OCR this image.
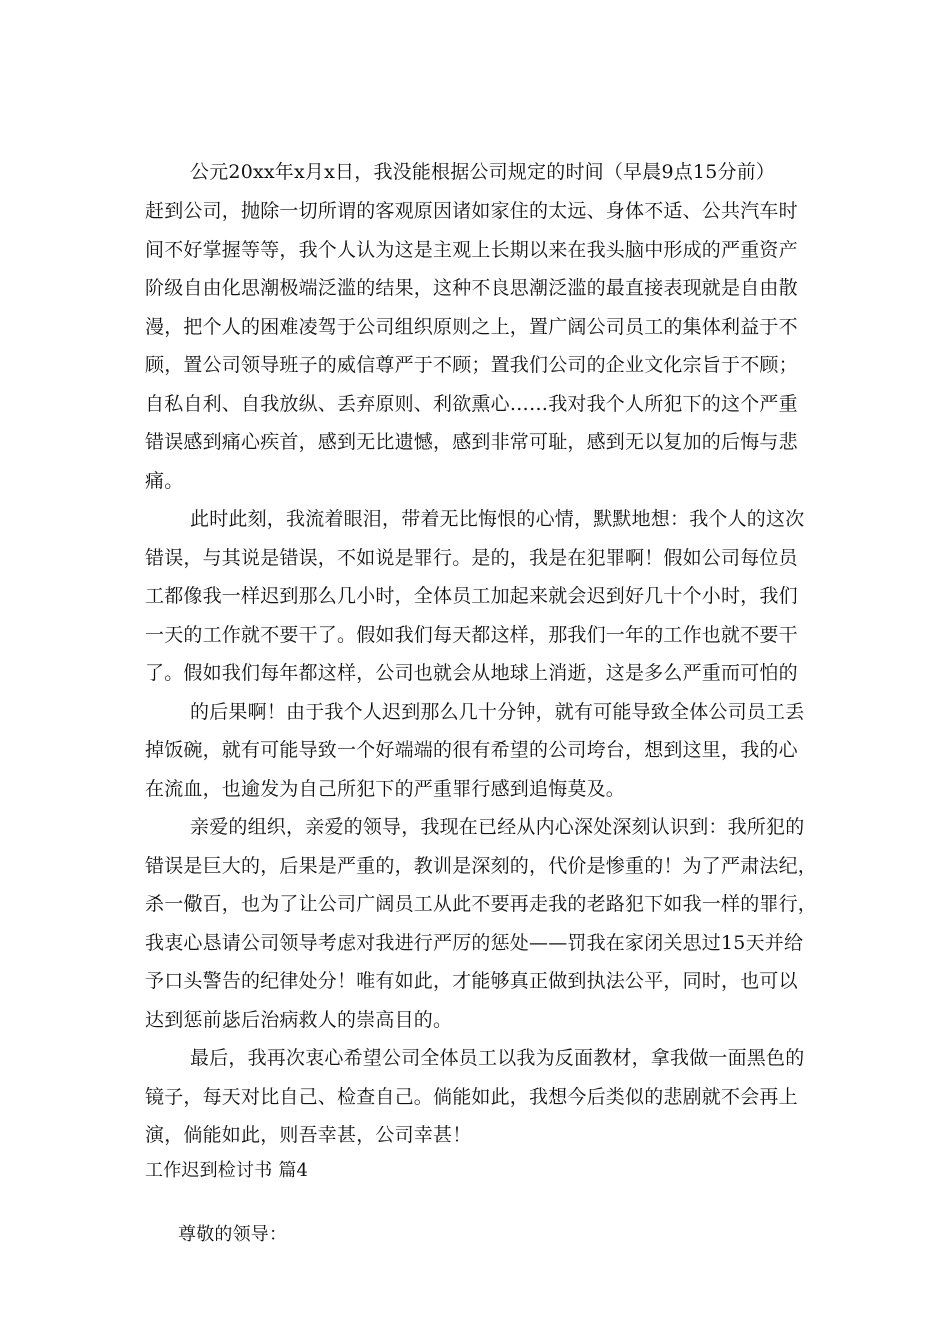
公元20xx年x月x日，我没能根据公司规定的时间（早晨9点15分前）
赶到公司，抛除一切所谓的客观原因诸如家住的太远、身体不适、公共汽车时
间不好掌握等等，我个人认为这是主观上长期以来在我头脑中形成的严重资产
阶级自由化思潮极端泛滥的结果，这种不良思潮泛滥的最直接表现就是自由散
漫，把个人的困难凌驾于公司组织原则之上，置广阔公司员工的集体利益于不
顾，置公司领导班子的威信尊严于不顾；置我们公司的企业文化宗旨于不顾；
自私自利、自我放纵、丢弃原则、利欲熏心……我对我个人所犯下的这个严重
错误感到痛心疾首，感到无比遗憾，感到非常可耻，感到无以复加的后悔与悲
痛。
此时此刻，我流着眼泪，带着无比悔恨的心情，默默地想：我个人的这次
错误，与其说是错误，不如说是罪行。是的，我是在犯罪啊！假如公司每位员
工都像我一样迟到那么几小时，全体员工加起来就会迟到好几十个小时，我们
一天的工作就不要干了。假如我们每天都这样，那我们一年的工作也就不要干
了。假如我们每年都这样，公司也就会从地球上消逝，这是多么严重而可怕的
的后果啊！由于我个人迟到那么几十分钟，就有可能导致全体公司员工丢
掉饭碗，就有可能导致一个好端端的很有希望的公司垮台，想到这里，我的心
在流血，也逾发为自己所犯下的严重罪行感到追悔莫及。
亲爱的组织，亲爱的领导，我现在已经从内心深处深刻认识到：我所犯的
错误是巨大的，后果是严重的，教训是深刻的，代价是惨重的！为了严肃法纪，
杀一儆百，也为了让公司广阔员工从此不要再走我的老路犯下如我一样的罪行，
我衷心恳请公司领导考虑对我进行严厉的惩处——罚我在家闭关思过15天并给
予口头警告的纪律处分！唯有如此，才能够真正做到执法公平，同时，也可以
达到惩前毖后治病救人的崇高目的。
最后，我再次衷心希望公司全体员工以我为反面教材，拿我做一面黑色的
镜子，每天对比自己、检查自己。倘能如此，我想今后类似的悲剧就不会再上
演，倘能如此，则吾幸甚，公司幸甚！
工作迟到检讨书 篇4
尊敬的领导：
